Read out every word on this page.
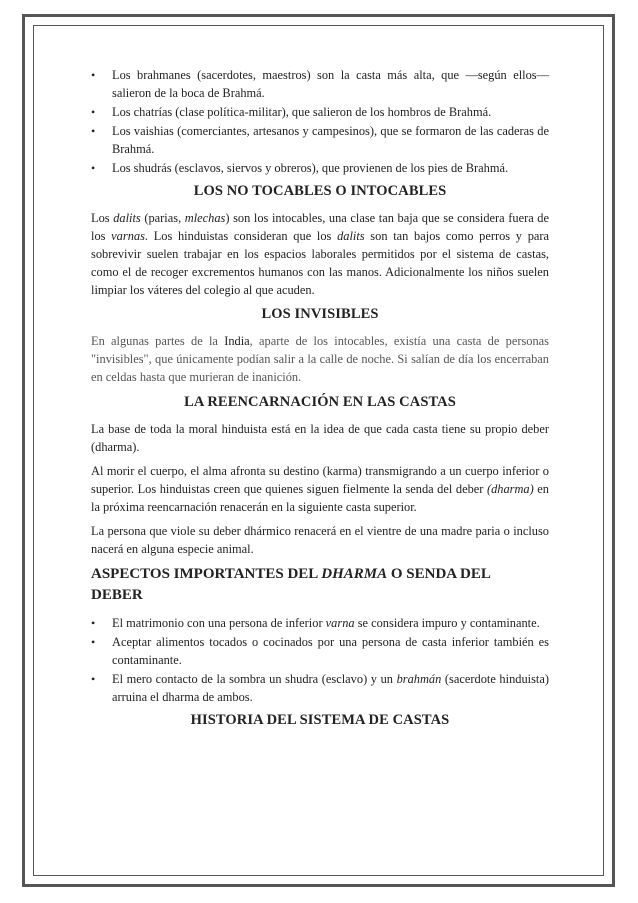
• Los brahmanes (sacerdotes, maestros) son la casta más alta, que —según ellos— salieron de la boca de Brahmá.
• Los chatrías (clase política-militar), que salieron de los hombros de Brahmá.
• Los vaishias (comerciantes, artesanos y campesinos), que se formaron de las caderas de Brahmá.
• Los shudrás (esclavos, siervos y obreros), que provienen de los pies de Brahmá.
LOS NO TOCABLES O INTOCABLES

Los dalits (parias, mlechas) son los intocables, una clase tan baja que se considera fuera de los varnas. Los hinduistas consideran que los dalits son tan bajos como perros y para sobrevivir suelen trabajar en los espacios laborales permitidos por el sistema de castas, como el de recoger excrementos humanos con las manos. Adicionalmente los niños suelen limpiar los váteres del colegio al que acuden.

LOS INVISIBLES

En algunas partes de la India, aparte de los intocables, existía una casta de personas "invisibles", que únicamente podían salir a la calle de noche. Si salían de día los encerraban en celdas hasta que murieran de inanición.

LA REENCARNACIÓN EN LAS CASTAS

La base de toda la moral hinduista está en la idea de que cada casta tiene su propio deber (dharma).

Al morir el cuerpo, el alma afronta su destino (karma) transmigrando a un cuerpo inferior o superior. Los hinduistas creen que quienes siguen fielmente la senda del deber (dharma) en la próxima reencarnación renacerán en la siguiente casta superior.

La persona que viole su deber dhármico renacerá en el vientre de una madre paria o incluso nacerá en alguna especie animal.

ASPECTOS IMPORTANTES DEL DHARMA O SENDA DEL DEBER
• El matrimonio con una persona de inferior varna se considera impuro y contaminante.
• Aceptar alimentos tocados o cocinados por una persona de casta inferior también es contaminante.
• El mero contacto de la sombra un shudra (esclavo) y un brahmán (sacerdote hinduista) arruina el dharma de ambos.
HISTORIA DEL SISTEMA DE CASTAS
